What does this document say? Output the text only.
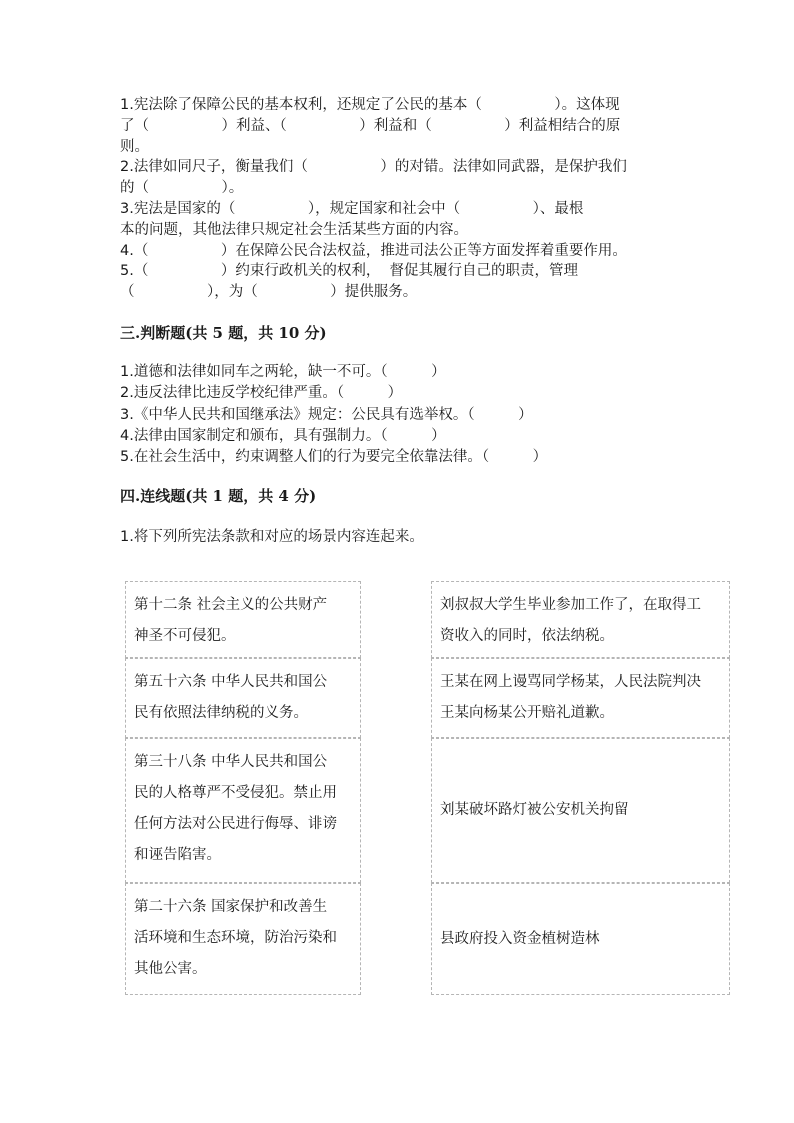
1.宪法除了保障公民的基本权利，还规定了公民的基本（　　　　　）。这体现

了（　　　　　）利益、（　　　　　）利益和（　　　　　）利益相结合的原

则。

2.法律如同尺子，衡量我们（　　　　　）的对错。法律如同武器，是保护我们

的（　　　　　）。

3.宪法是国家的（　　　　　），规定国家和社会中（　　　　　）、最根

本的问题，其他法律只规定社会生活某些方面的内容。

4.（　　　　　）在保障公民合法权益，推进司法公正等方面发挥着重要作用。

5.（　　　　　）约束行政机关的权利，  督促其履行自己的职责，管理

（　　　　　），为（　　　　　）提供服务。

三.判断题(共 5 题，共 10 分)

1.道德和法律如同车之两轮，缺一不可。（　　　）

2.违反法律比违反学校纪律严重。（　　　）

3.《中华人民共和国继承法》规定：公民具有选举权。（　　　）

4.法律由国家制定和颁布，具有强制力。（　　　）

5.在社会生活中，约束调整人们的行为要完全依靠法律。（　　　）

四.连线题(共 1 题，共 4 分)

1.将下列所宪法条款和对应的场景内容连起来。

第十二条 社会主义的公共财产

神圣不可侵犯。

第五十六条 中华人民共和国公

民有依照法律纳税的义务。

第三十八条 中华人民共和国公

民的人格尊严不受侵犯。禁止用

任何方法对公民进行侮辱、诽谤

和诬告陷害。

第二十六条 国家保护和改善生

活环境和生态环境，防治污染和

其他公害。

刘叔叔大学生毕业参加工作了，在取得工

资收入的同时，依法纳税。

王某在网上谩骂同学杨某，人民法院判决

王某向杨某公开赔礼道歉。

刘某破坏路灯被公安机关拘留

县政府投入资金植树造林
